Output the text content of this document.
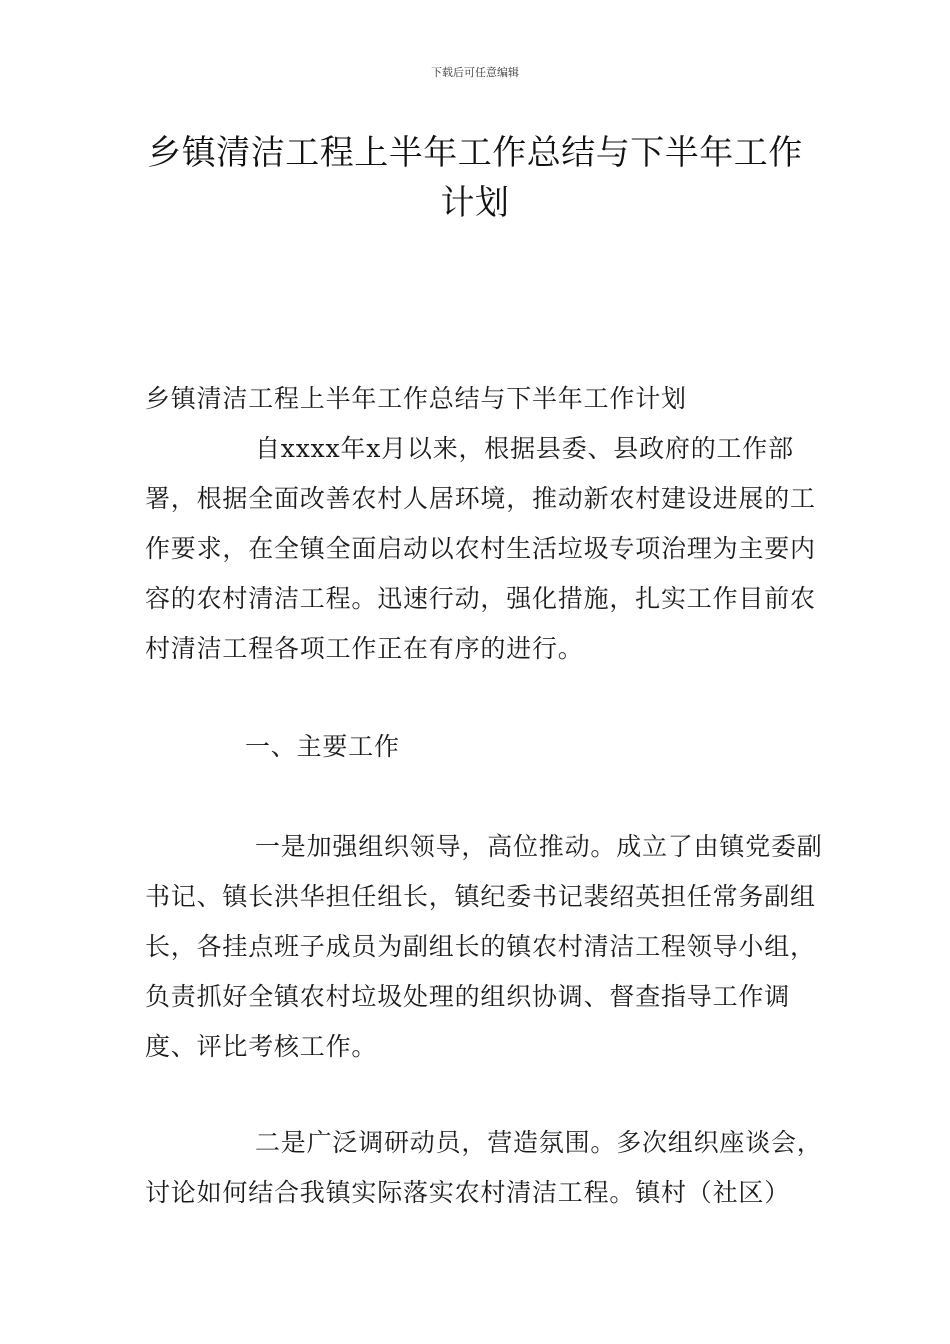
下载后可任意编辑
乡镇清洁工程上半年工作总结与下半年工作计划

乡镇清洁工程上半年工作总结与下半年工作计划

自xxxx年x月以来，根据县委、县政府的工作部署，根据全面改善农村人居环境，推动新农村建设进展的工作要求，在全镇全面启动以农村生活垃圾专项治理为主要内容的农村清洁工程。迅速行动，强化措施，扎实工作目前农村清洁工程各项工作正在有序的进行。

一、主要工作

一是加强组织领导，高位推动。成立了由镇党委副书记、镇长洪华担任组长，镇纪委书记裴绍英担任常务副组长，各挂点班子成员为副组长的镇农村清洁工程领导小组，负责抓好全镇农村垃圾处理的组织协调、督查指导工作调度、评比考核工作。

二是广泛调研动员，营造氛围。多次组织座谈会，讨论如何结合我镇实际落实农村清洁工程。镇村（社区）
